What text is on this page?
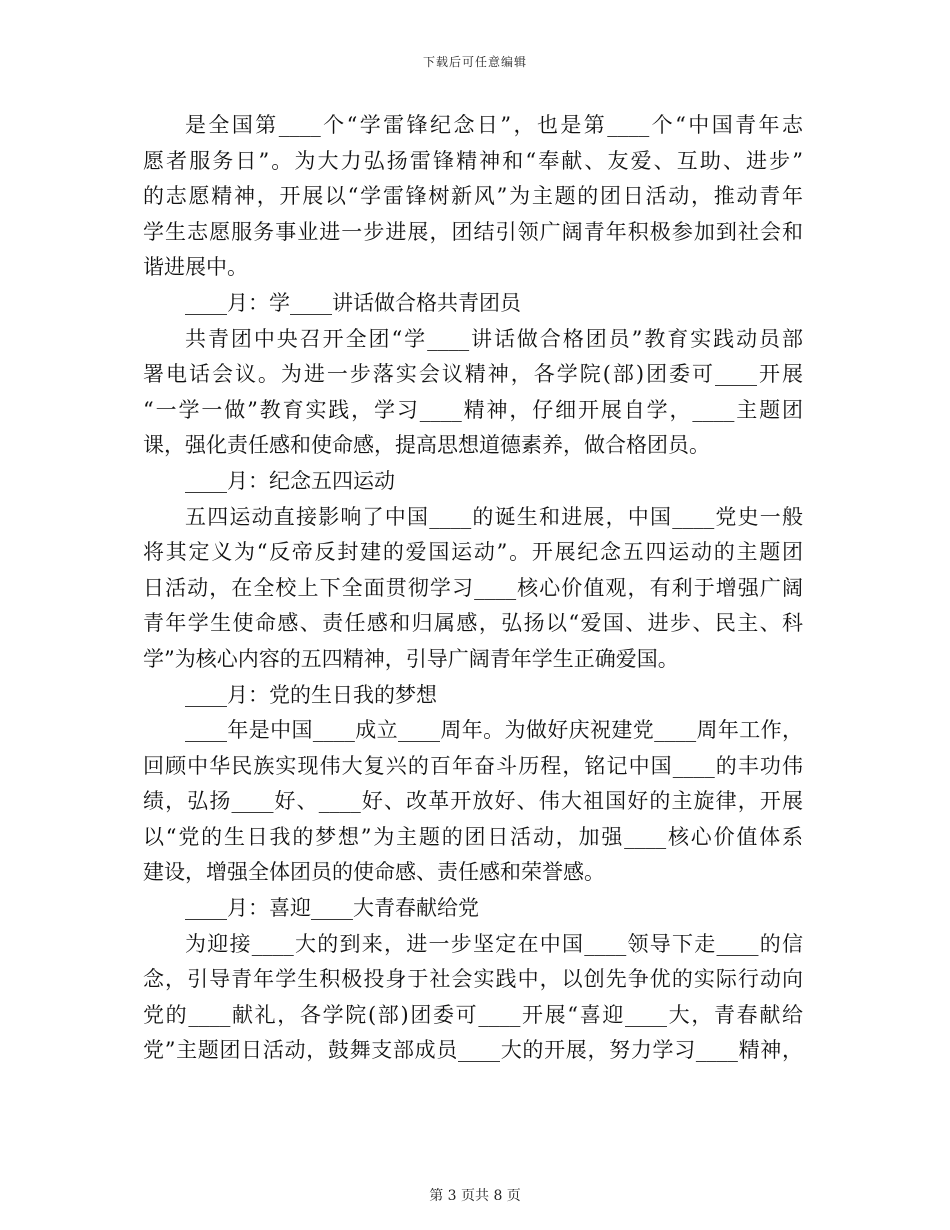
下载后可任意编辑
是全国第____个“学雷锋纪念日”，也是第____个“中国青年志
愿者服务日”。为大力弘扬雷锋精神和“奉献、友爱、互助、进步”
的志愿精神，开展以“学雷锋树新风”为主题的团日活动，推动青年
学生志愿服务事业进一步进展，团结引领广阔青年积极参加到社会和
谐进展中。
____月：学____讲话做合格共青团员
共青团中央召开全团“学____讲话做合格团员”教育实践动员部
署电话会议。为进一步落实会议精神，各学院(部)团委可____开展
“一学一做”教育实践，学习____精神，仔细开展自学，____主题团
课，强化责任感和使命感，提高思想道德素养，做合格团员。
____月：纪念五四运动
五四运动直接影响了中国____的诞生和进展，中国____党史一般
将其定义为“反帝反封建的爱国运动”。开展纪念五四运动的主题团
日活动，在全校上下全面贯彻学习____核心价值观，有利于增强广阔
青年学生使命感、责任感和归属感，弘扬以“爱国、进步、民主、科
学”为核心内容的五四精神，引导广阔青年学生正确爱国。
____月：党的生日我的梦想
____年是中国____成立____周年。为做好庆祝建党____周年工作，
回顾中华民族实现伟大复兴的百年奋斗历程，铭记中国____的丰功伟
绩，弘扬____好、____好、改革开放好、伟大祖国好的主旋律，开展
以“党的生日我的梦想”为主题的团日活动，加强____核心价值体系
建设，增强全体团员的使命感、责任感和荣誉感。
____月：喜迎____大青春献给党
为迎接____大的到来，进一步坚定在中国____领导下走____的信
念，引导青年学生积极投身于社会实践中，以创先争优的实际行动向
党的____献礼，各学院(部)团委可____开展“喜迎____大，青春献给
党”主题团日活动，鼓舞支部成员____大的开展，努力学习____精神，
第 3 页共 8 页
